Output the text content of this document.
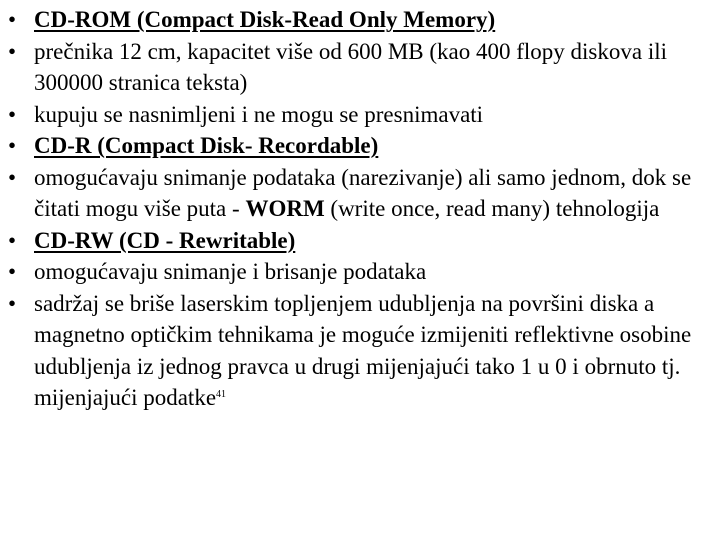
• CD-ROM (Compact Disk-Read Only Memory)
• prečnika 12 cm, kapacitet više od 600 MB (kao 400 flopy diskova ili 300000 stranica teksta)
• kupuju se nasnimljeni i ne mogu se presnimavati
• CD-R (Compact Disk- Recordable)
• omogućavaju snimanje podataka (narezivanje) ali samo jednom, dok se čitati mogu više puta - WORM (write once, read many) tehnologija
• CD-RW (CD - Rewritable)
• omogućavaju snimanje i brisanje podataka
• sadržaj se briše laserskim topljenjem udubljenja na površini diska a magnetno optičkim tehnikama je moguće izmijeniti reflektivne osobine udubljenja iz jednog pravca u drugi mijenjajući tako 1 u 0 i obrnuto tj. mijenjajući podatke$^{41}$
